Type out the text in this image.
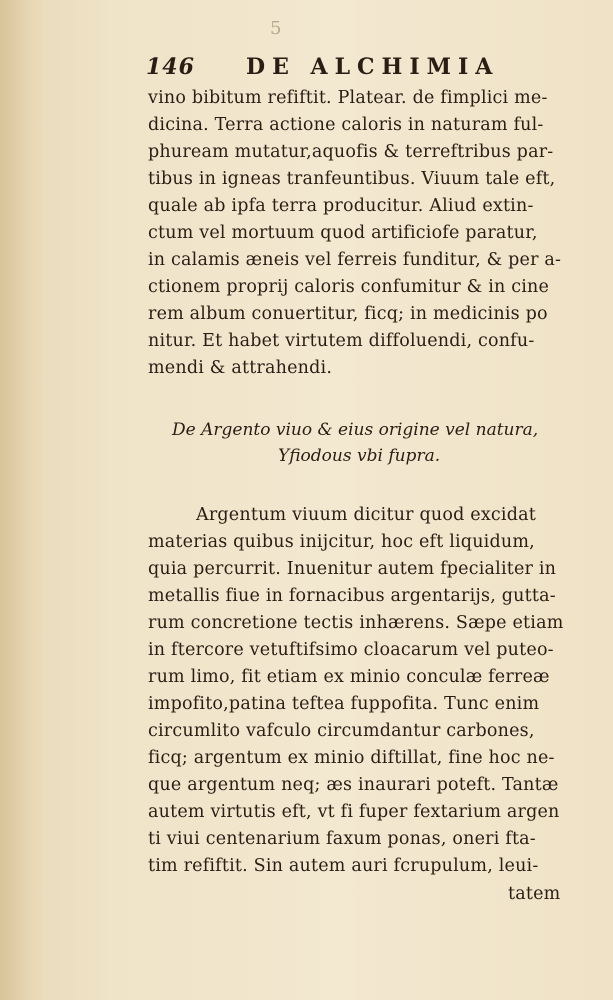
5
146 DE ALCHIMIA
vino bibitum refiftit. Platear. de fimplici me-
dicina. Terra actione caloris in naturam ful-
phuream mutatur,aquofis & terreftribus par-
tibus in igneas tranfeuntibus. Viuum tale eft,
quale ab ipfa terra producitur. Aliud extin-
ctum vel mortuum quod artificiofe paratur,
in calamis æneis vel ferreis funditur, & per a-
ctionem proprij caloris confumitur & in cine
rem album conuertitur, ficq; in medicinis po
nitur. Et habet virtutem diffoluendi, confu-
mendi & attrahendi.
De Argento viuo & eius origine vel natura,
Yfiodous vbi fupra.
Argentum viuum dicitur quod excidat
materias quibus inijcitur, hoc eft liquidum,
quia percurrit. Inuenitur autem fpecialiter in
metallis fiue in fornacibus argentarijs, gutta-
rum concretione tectis inhærens. Sæpe etiam
in ftercore vetuftifsimo cloacarum vel puteo-
rum limo, fit etiam ex minio conculæ ferreæ
impofito,patina teftea fuppofita. Tunc enim
circumlito vafculo circumdantur carbones,
ficq; argentum ex minio diftillat, fine hoc ne-
que argentum neq; æs inaurari poteft. Tantæ
autem virtutis eft, vt fi fuper fextarium argen
ti viui centenarium faxum ponas, oneri fta-
tim refiftit. Sin autem auri fcrupulum, leui-
tatem
